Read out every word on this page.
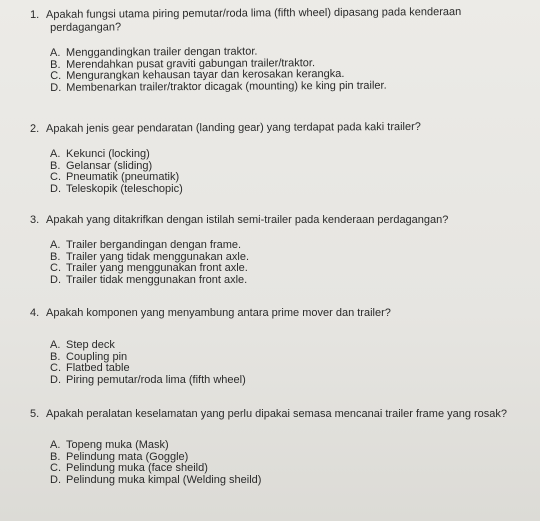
1. Apakah fungsi utama piring pemutar/roda lima (fifth wheel) dipasang pada kenderaan
perdagangan?
A. Menggandingkan trailer dengan traktor.
B. Merendahkan pusat graviti gabungan trailer/traktor.
C. Mengurangkan kehausan tayar dan kerosakan kerangka.
D. Membenarkan trailer/traktor dicagak (mounting) ke king pin trailer.
2. Apakah jenis gear pendaratan (landing gear) yang terdapat pada kaki trailer?
A. Kekunci (locking)
B. Gelansar (sliding)
C. Pneumatik (pneumatik)
D. Teleskopik (teleschopic)
3. Apakah yang ditakrifkan dengan istilah semi-trailer pada kenderaan perdagangan?
A. Trailer bergandingan dengan frame.
B. Trailer yang tidak menggunakan axle.
C. Trailer yang menggunakan front axle.
D. Trailer tidak menggunakan front axle.
4. Apakah komponen yang menyambung antara prime mover dan trailer?
A. Step deck
B. Coupling pin
C. Flatbed table
D. Piring pemutar/roda lima (fifth wheel)
5. Apakah peralatan keselamatan yang perlu dipakai semasa mencanai trailer frame yang rosak?
A. Topeng muka (Mask)
B. Pelindung mata (Goggle)
C. Pelindung muka (face sheild)
D. Pelindung muka kimpal (Welding sheild)
